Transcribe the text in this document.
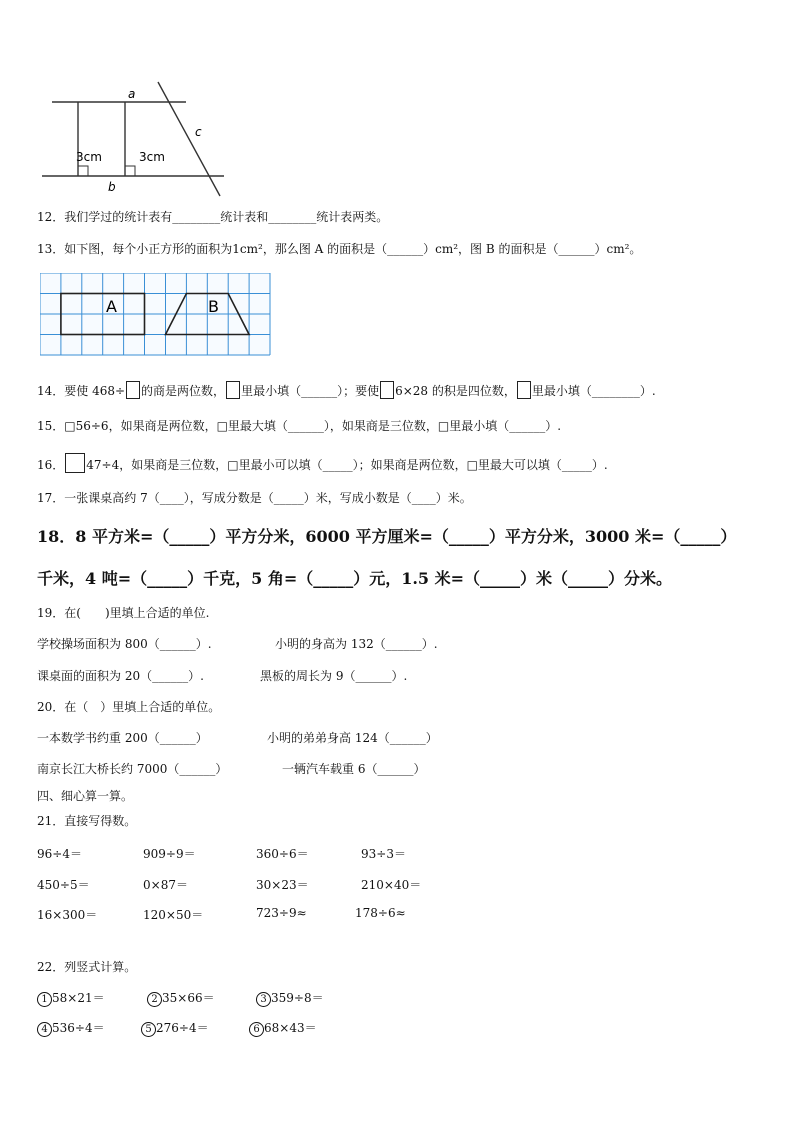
a
b
c
3cm	3cm
12．我们学过的统计表有________统计表和________统计表两类。
13．如下图，每个小正方形的面积为1cm²，那么图 A 的面积是（______）cm²，图 B 的面积是（______）cm²。
A	B
14．要使 468÷ 的商是两位数， 里最小填（______）；要使 6×28 的积是四位数， 里最小填（________）.
15．□56÷6，如果商是两位数，□里最大填（______），如果商是三位数，□里最小填（______）.
16． 47÷4，如果商是三位数，□里最小可以填（_____）；如果商是两位数，□里最大可以填（_____）.
17．一张课桌高约 7（____），写成分数是（_____）米，写成小数是（____）米。
18．8 平方米=（_____）平方分米，6000 平方厘米=（_____）平方分米，3000 米=（_____）
千米，4 吨=（_____）千克，5 角=（_____）元，1.5 米=（_____）米（_____）分米。
19．在(　　)里填上合适的单位.
学校操场面积为 800（______）.	小明的身高为 132（______）.
课桌面的面积为 20（______）.	黑板的周长为 9（______）.
20．在（　）里填上合适的单位。
一本数学书约重 200（______）	小明的弟弟身高 124（______）
南京长江大桥长约 7000（______）	一辆汽车载重 6（______）
四、细心算一算。
21．直接写得数。
96÷4＝	909÷9＝	360÷6＝	93÷3＝
450÷5＝	0×87＝	30×23＝	210×40＝
16×300＝	120×50＝	723÷9≈	178÷6≈
22．列竖式计算。
1 58×21＝	2 35×66＝	3 359÷8＝
4 536÷4＝	5 276÷4＝	6 68×43＝
